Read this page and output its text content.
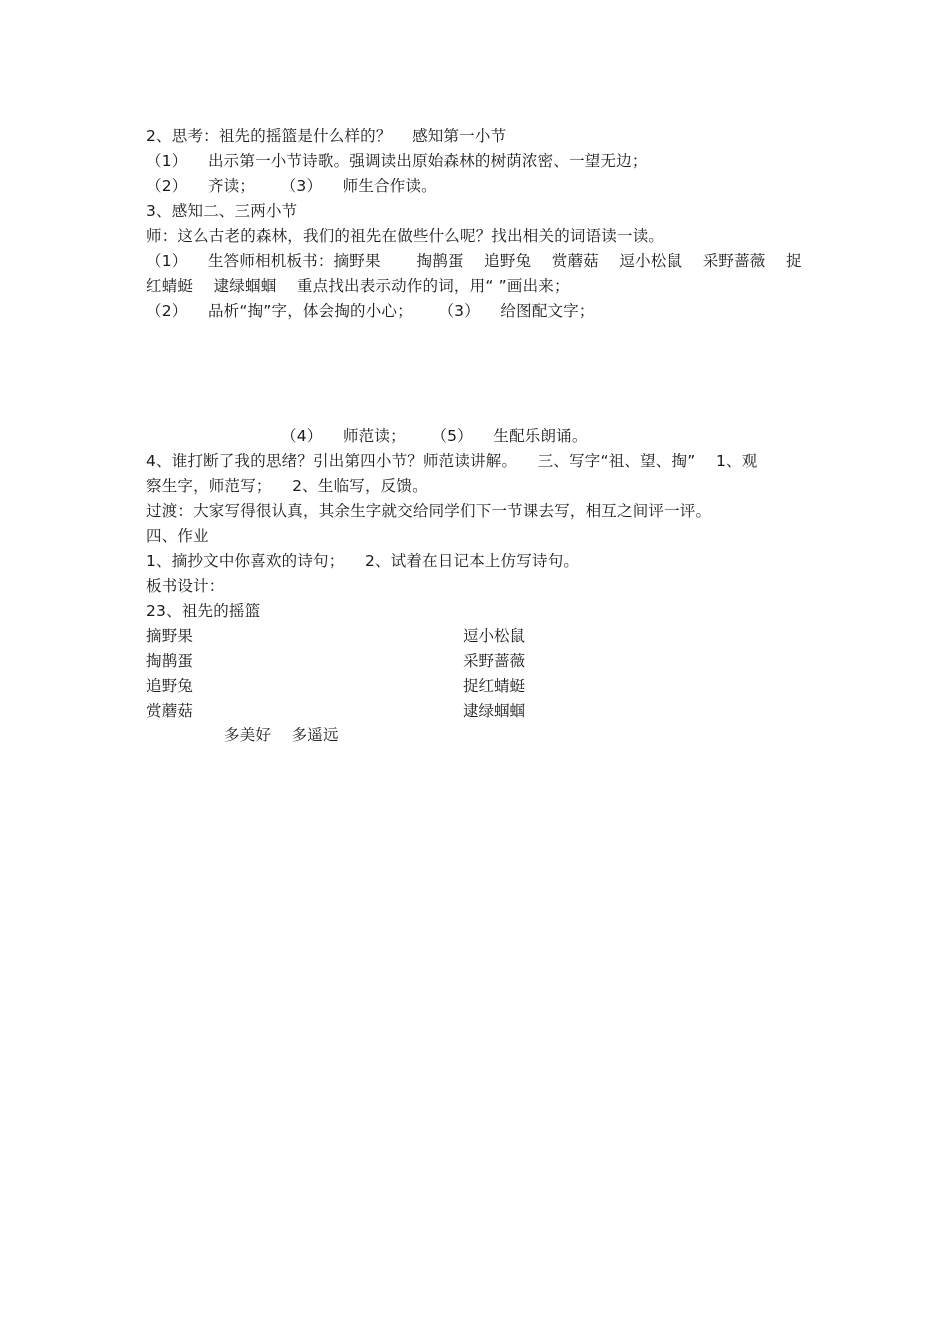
2、思考：祖先的摇篮是什么样的？    感知第一小节
（1）    出示第一小节诗歌。强调读出原始森林的树荫浓密、一望无边；
（2）    齐读；     （3）    师生合作读。
3、感知二、三两小节
师：这么古老的森林，我们的祖先在做些什么呢？找出相关的词语读一读。
（1）    生答师相机板书：摘野果       掏鹊蛋    追野兔    赏蘑菇    逗小松鼠    采野蔷薇    捉
红蜻蜓    逮绿蝈蝈    重点找出表示动作的词，用“ ”画出来；
（2）    品析“掏”字，体会掏的小心；     （3）    给图配文字；
（4）    师范读；     （5）    生配乐朗诵。
4、谁打断了我的思绪？引出第四小节？师范读讲解。    三、写字“祖、望、掏”    1、观
察生字，师范写；    2、生临写，反馈。
过渡：大家写得很认真，其余生字就交给同学们下一节课去写，相互之间评一评。
四、作业
1、摘抄文中你喜欢的诗句；    2、试着在日记本上仿写诗句。
板书设计：
23、祖先的摇篮
摘野果	逗小松鼠
掏鹊蛋	采野蔷薇
追野兔	捉红蜻蜓
赏蘑菇	逮绿蝈蝈
多美好    多遥远
